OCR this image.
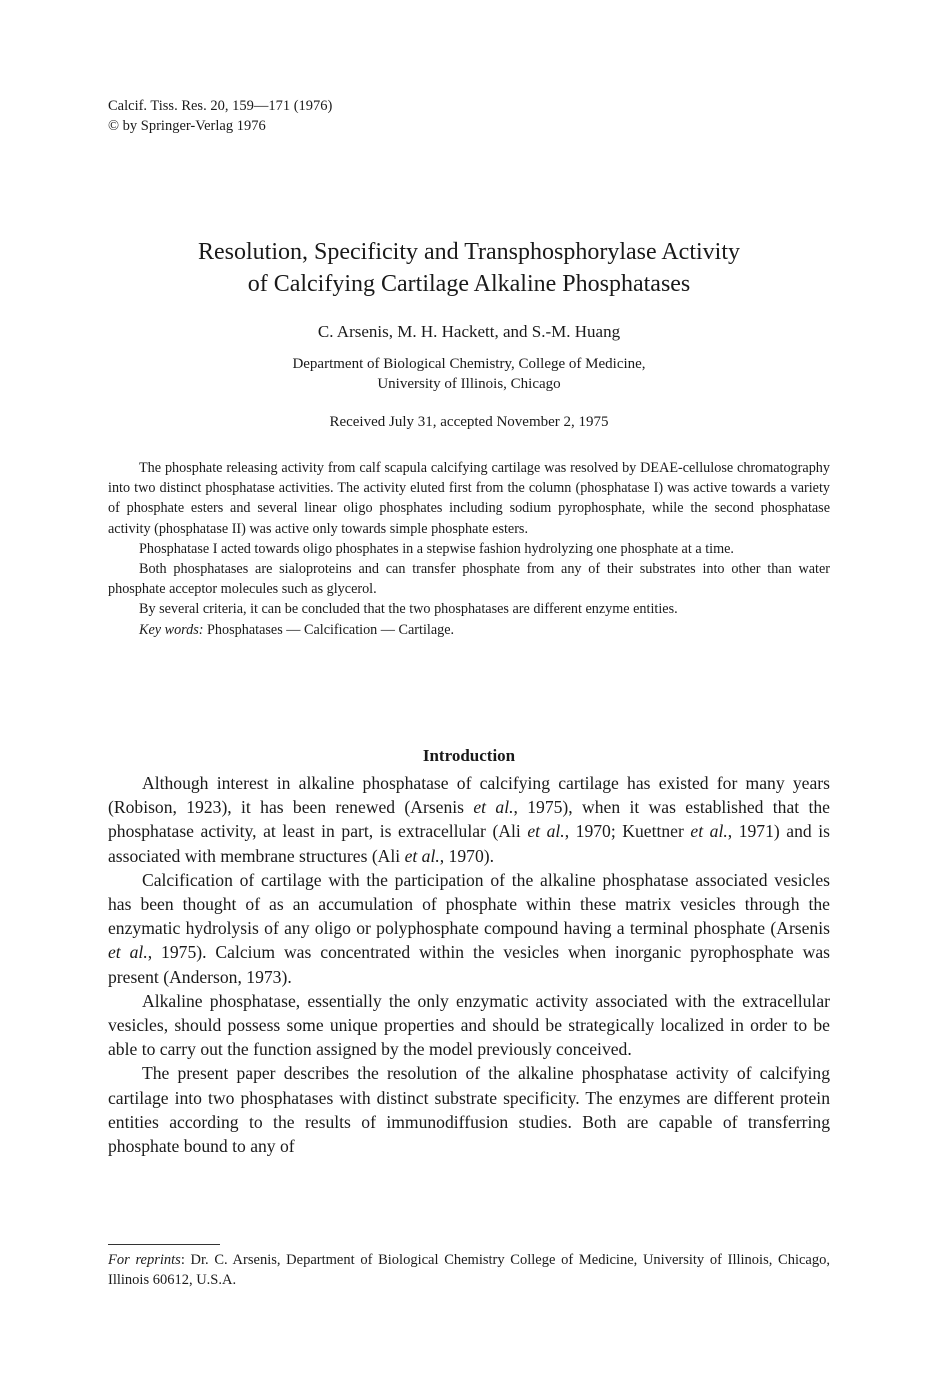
Calcif. Tiss. Res. 20, 159—171 (1976)
© by Springer-Verlag 1976
Resolution, Specificity and Transphosphorylase Activity
of Calcifying Cartilage Alkaline Phosphatases
C. Arsenis, M. H. Hackett, and S.-M. Huang
Department of Biological Chemistry, College of Medicine,
University of Illinois, Chicago
Received July 31, accepted November 2, 1975

The phosphate releasing activity from calf scapula calcifying cartilage was resolved by DEAE-cellulose chromatography into two distinct phosphatase activities. The activity eluted first from the column (phosphatase I) was active towards a variety of phosphate esters and several linear oligo phosphates including sodium pyrophosphate, while the second phosphatase activity (phosphatase II) was active only towards simple phosphate esters.

Phosphatase I acted towards oligo phosphates in a stepwise fashion hydrolyzing one phosphate at a time.

Both phosphatases are sialoproteins and can transfer phosphate from any of their substrates into other than water phosphate acceptor molecules such as glycerol.

By several criteria, it can be concluded that the two phosphatases are different enzyme entities.

Key words: Phosphatases — Calcification — Cartilage.

Introduction

Although interest in alkaline phosphatase of calcifying cartilage has existed for many years (Robison, 1923), it has been renewed (Arsenis et al., 1975), when it was established that the phosphatase activity, at least in part, is extracellular (Ali et al., 1970; Kuettner et al., 1971) and is associated with membrane structures (Ali et al., 1970).

Calcification of cartilage with the participation of the alkaline phosphatase associated vesicles has been thought of as an accumulation of phosphate within these matrix vesicles through the enzymatic hydrolysis of any oligo or polyphosphate compound having a terminal phosphate (Arsenis et al., 1975). Calcium was concentrated within the vesicles when inorganic pyrophosphate was present (Anderson, 1973).

Alkaline phosphatase, essentially the only enzymatic activity associated with the extracellular vesicles, should possess some unique properties and should be strategically localized in order to be able to carry out the function assigned by the model previously conceived.

The present paper describes the resolution of the alkaline phosphatase activity of calcifying cartilage into two phosphatases with distinct substrate specificity. The enzymes are different protein entities according to the results of immunodiffusion studies. Both are capable of transferring phosphate bound to any of

For reprints: Dr. C. Arsenis, Department of Biological Chemistry College of Medicine, University of Illinois, Chicago, Illinois 60612, U.S.A.
